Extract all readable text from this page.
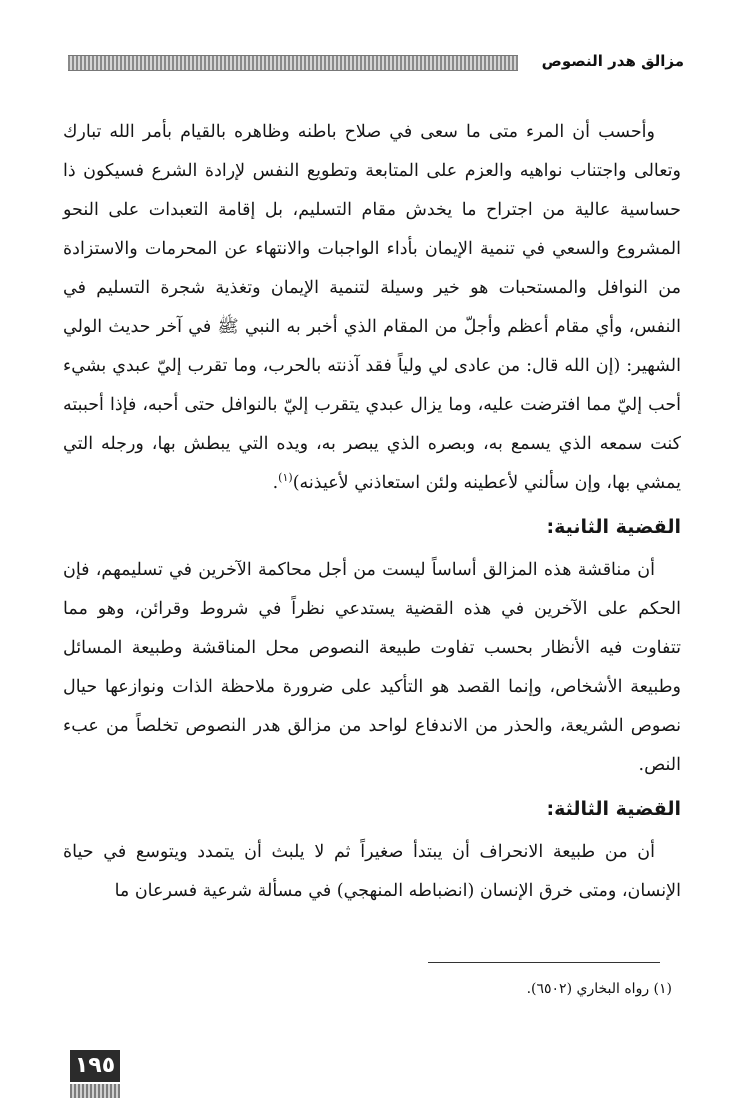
مزالق هدر النصوص

وأحسب أن المرء متى ما سعى في صلاح باطنه وظاهره بالقيام بأمر الله تبارك وتعالى واجتناب نواهيه والعزم على المتابعة وتطويع النفس لإرادة الشرع فسيكون ذا حساسية عالية من اجتراح ما يخدش مقام التسليم، بل إقامة التعبدات على النحو المشروع والسعي في تنمية الإيمان بأداء الواجبات والانتهاء عن المحرمات والاستزادة من النوافل والمستحبات هو خير وسيلة لتنمية الإيمان وتغذية شجرة التسليم في النفس، وأي مقام أعظم وأجلّ من المقام الذي أخبر به النبي ﷺ في آخر حديث الولي الشهير: (إن الله قال: من عادى لي ولياً فقد آذنته بالحرب، وما تقرب إليّ عبدي بشيء أحب إليّ مما افترضت عليه، وما يزال عبدي يتقرب إليّ بالنوافل حتى أحبه، فإذا أحببته كنت سمعه الذي يسمع به، وبصره الذي يبصر به، ويده التي يبطش بها، ورجله التي يمشي بها، وإن سألني لأعطينه ولئن استعاذني لأعيذنه)$^{(١)}$.

القضية الثانية:

أن مناقشة هذه المزالق أساساً ليست من أجل محاكمة الآخرين في تسليمهم، فإن الحكم على الآخرين في هذه القضية يستدعي نظراً في شروط وقرائن، وهو مما تتفاوت فيه الأنظار بحسب تفاوت طبيعة النصوص محل المناقشة وطبيعة المسائل وطبيعة الأشخاص، وإنما القصد هو التأكيد على ضرورة ملاحظة الذات ونوازعها حيال نصوص الشريعة، والحذر من الاندفاع لواحد من مزالق هدر النصوص تخلصاً من عبء النص.

القضية الثالثة:

أن من طبيعة الانحراف أن يبتدأ صغيراً ثم لا يلبث أن يتمدد ويتوسع في حياة الإنسان، ومتى خرق الإنسان (انضباطه المنهجي) في مسألة شرعية فسرعان ما

(١) رواه البخاري (٦٥٠٢).
١٩٥
